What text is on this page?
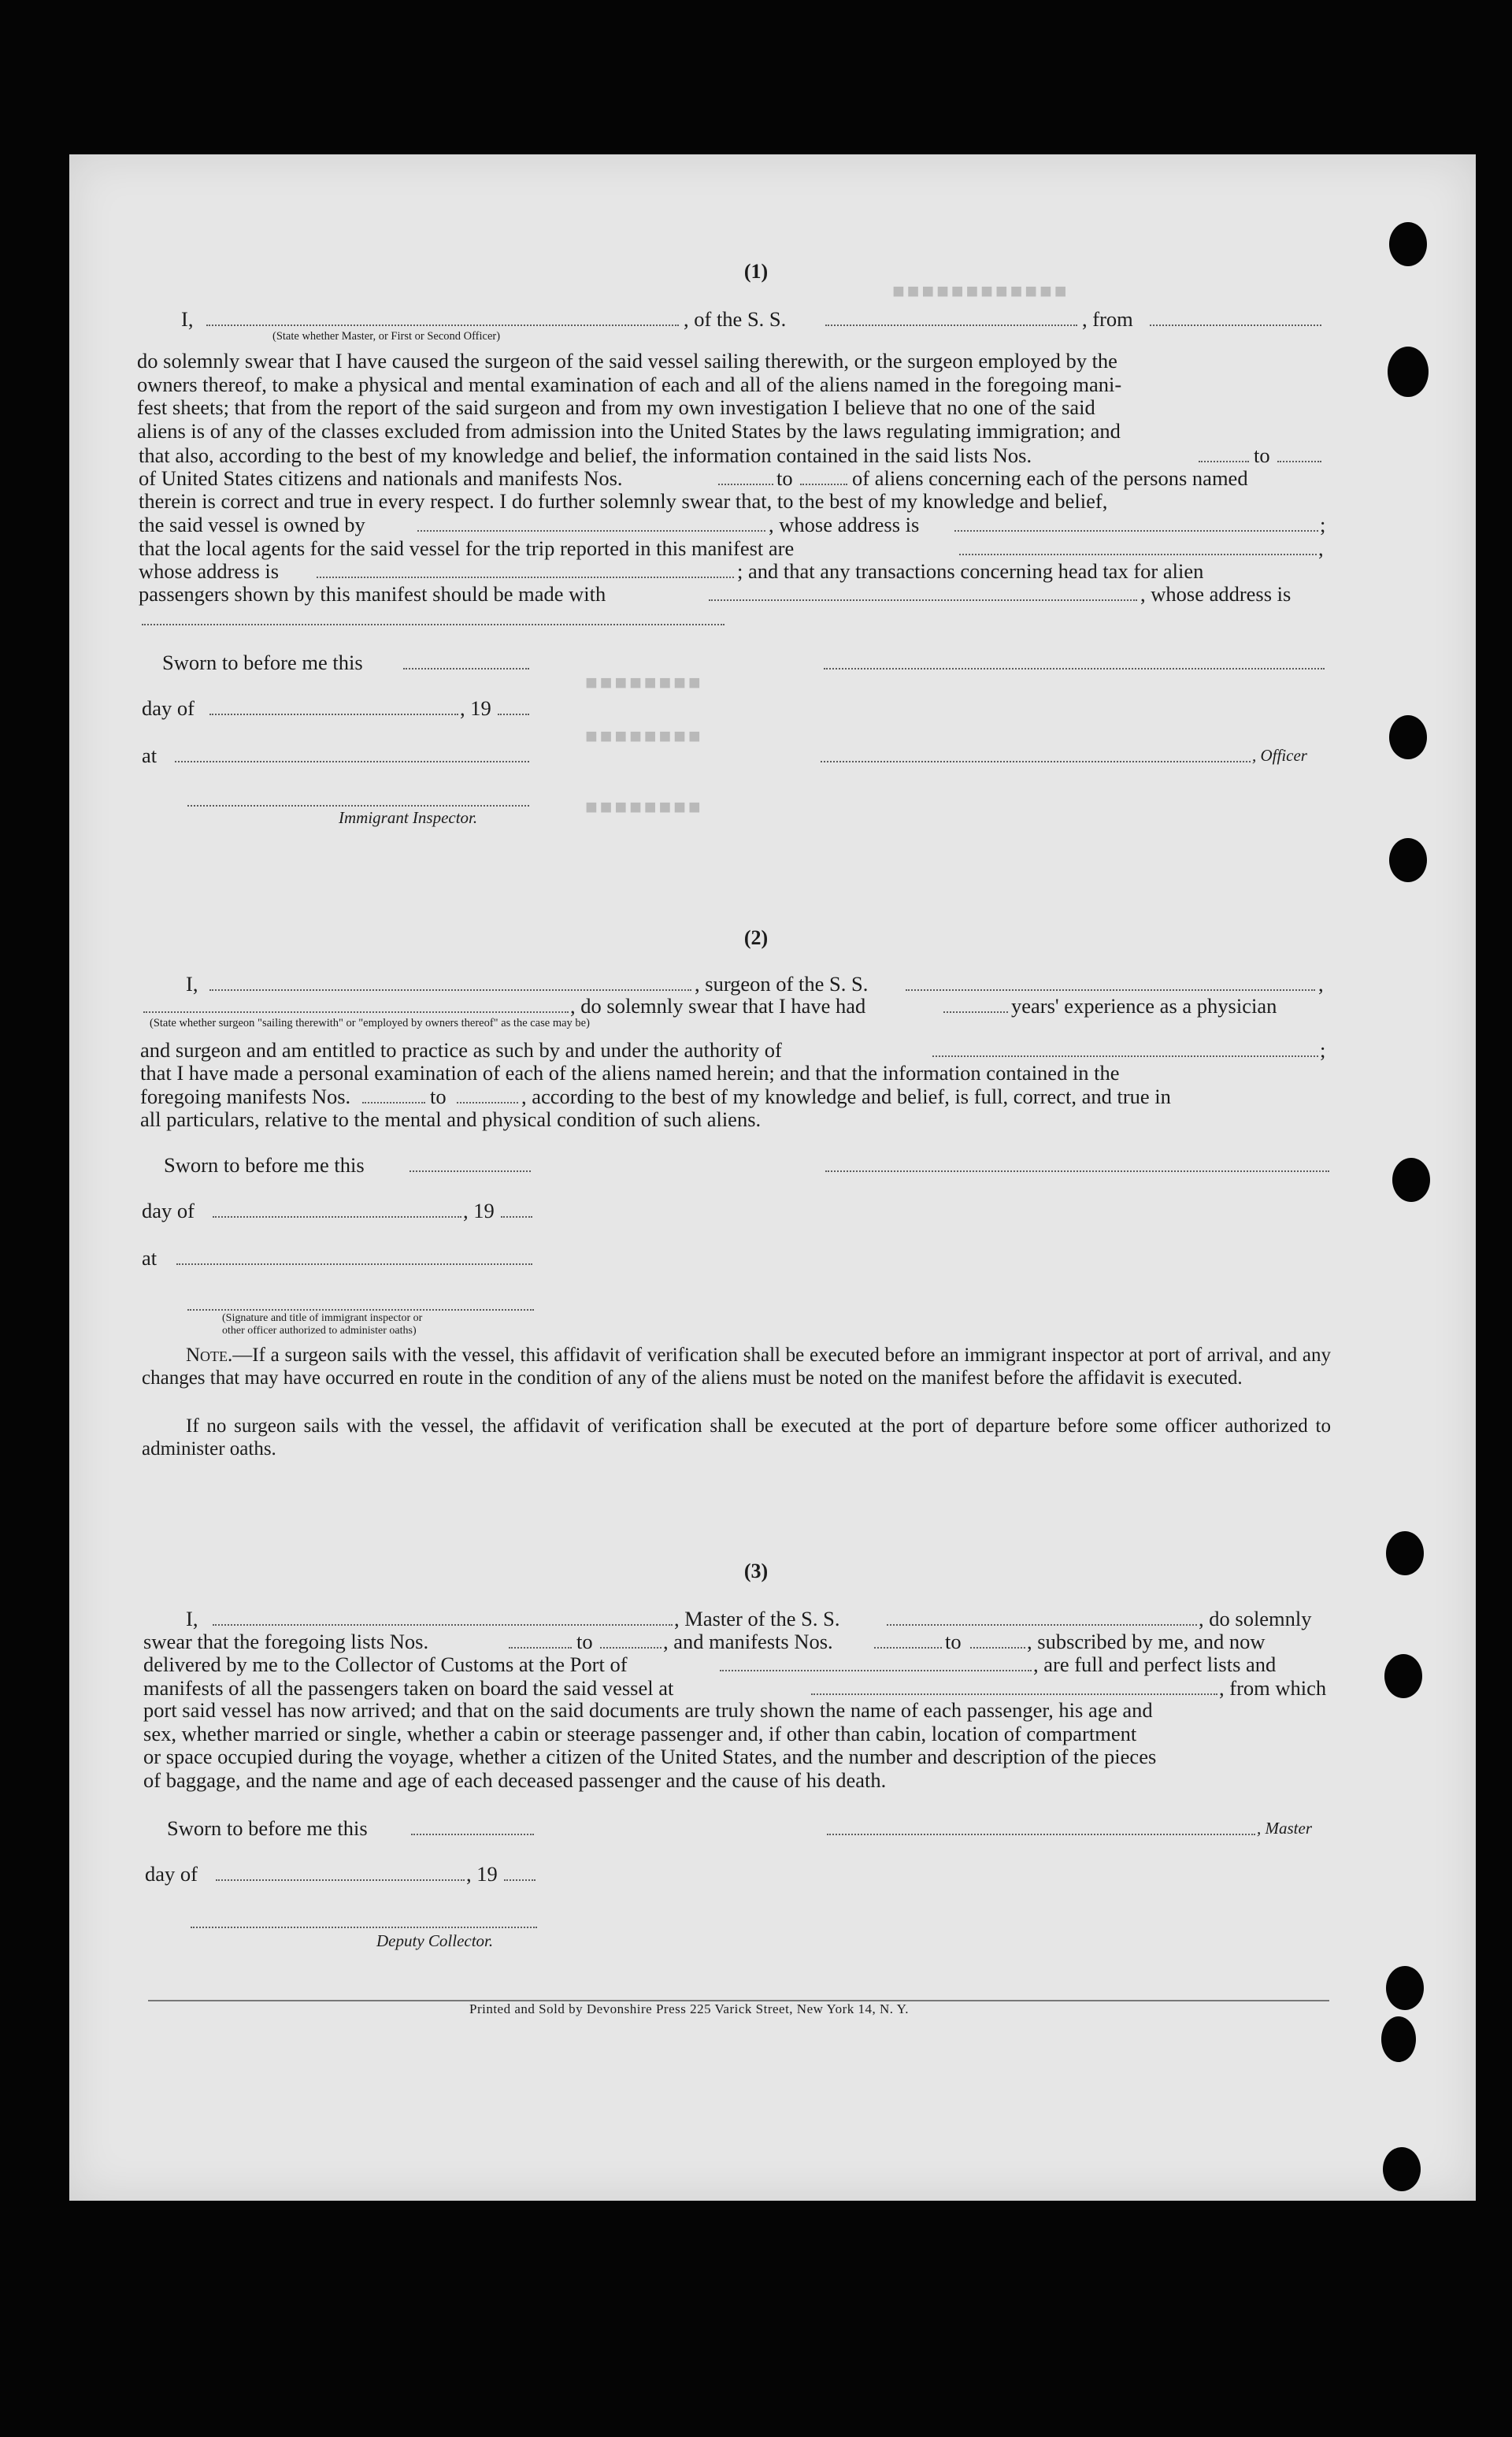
■■■■■■■■
■■■■■■■■
■■■■■■■■
■■■■■■■■■■■■
(1)
I,	, of the S. S.	, from
(State whether Master, or First or Second Officer)
do solemnly swear that I have caused the surgeon of the said vessel sailing therewith, or the surgeon employed by the
owners thereof, to make a physical and mental examination of each and all of the aliens named in the foregoing mani-
fest sheets; that from the report of the said surgeon and from my own investigation I believe that no one of the said
aliens is of any of the classes excluded from admission into the United States by the laws regulating immigration; and
that also, according to the best of my knowledge and belief, the information contained in the said lists Nos.	to
of United States citizens and nationals and manifests Nos.	to	of aliens concerning each of the persons named
therein is correct and true in every respect. I do further solemnly swear that, to the best of my knowledge and belief,
the said vessel is owned by	, whose address is	;
that the local agents for the said vessel for the trip reported in this manifest are	,
whose address is	; and that any transactions concerning head tax for alien
passengers shown by this manifest should be made with	, whose address is
Sworn to before me this
day of	, 19
at	, Officer
Immigrant Inspector.
(2)
I,	, surgeon of the S. S.	,
, do solemnly swear that I have had	years' experience as a physician
(State whether surgeon "sailing therewith" or "employed by owners thereof" as the case may be)
and surgeon and am entitled to practice as such by and under the authority of	;
that I have made a personal examination of each of the aliens named herein; and that the information contained in the
foregoing manifests Nos.	to	, according to the best of my knowledge and belief, is full, correct, and true in
all particulars, relative to the mental and physical condition of such aliens.
Sworn to before me this
day of	, 19
at
(Signature and title of immigrant inspector or
other officer authorized to administer oaths)
Note.—If a surgeon sails with the vessel, this affidavit of verification shall be executed before an immigrant inspector at port of arrival, and any changes that may have occurred en route in the condition of any of the aliens must be noted on the manifest before the affidavit is executed.
If no surgeon sails with the vessel, the affidavit of verification shall be executed at the port of departure before some officer authorized to administer oaths.
(3)
I,	, Master of the S. S.	, do solemnly
swear that the foregoing lists Nos.	to	, and manifests Nos.	to	, subscribed by me, and now
delivered by me to the Collector of Customs at the Port of	, are full and perfect lists and
manifests of all the passengers taken on board the said vessel at	, from which
port said vessel has now arrived; and that on the said documents are truly shown the name of each passenger, his age and
sex, whether married or single, whether a cabin or steerage passenger and, if other than cabin, location of compartment
or space occupied during the voyage, whether a citizen of the United States, and the number and description of the pieces
of baggage, and the name and age of each deceased passenger and the cause of his death.
Sworn to before me this	, Master
day of	, 19
Deputy Collector.
Printed and Sold by Devonshire Press 225 Varick Street, New York 14, N. Y.
